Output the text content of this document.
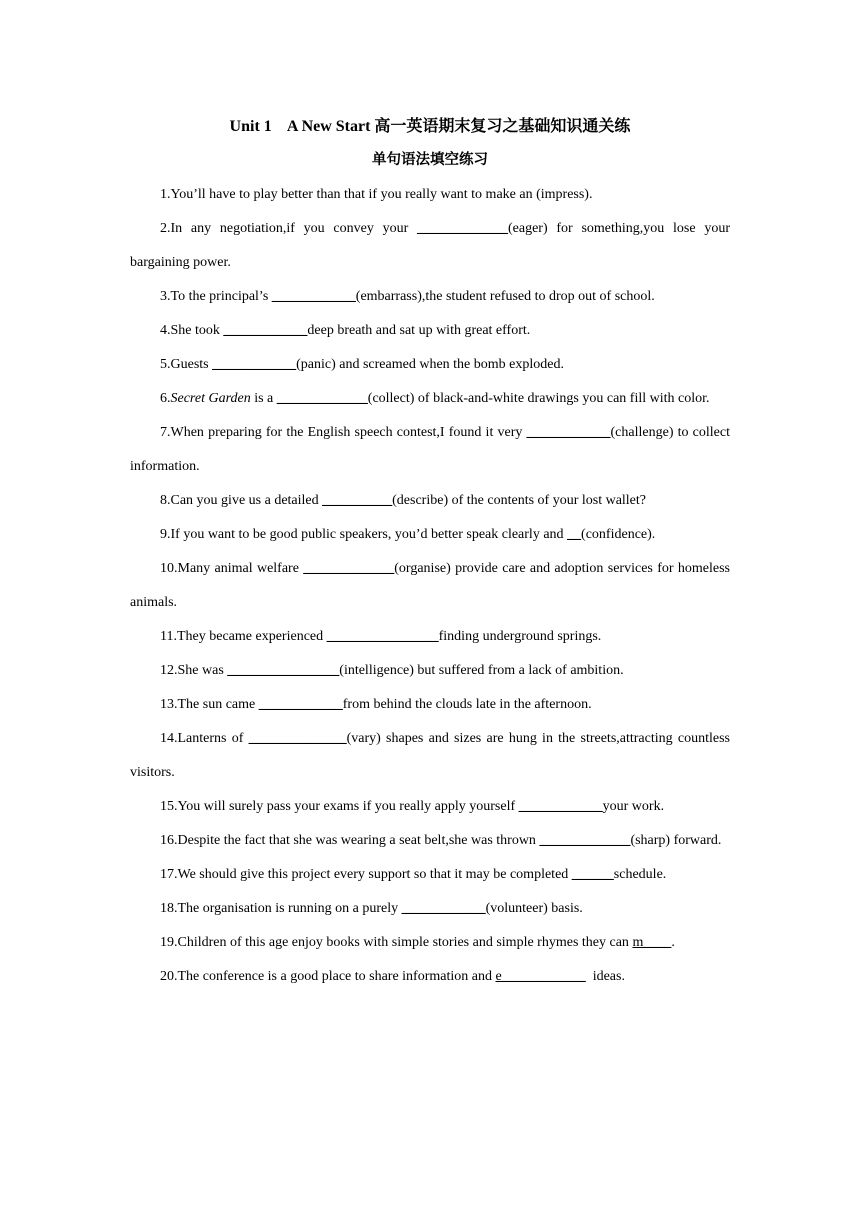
Unit 1    A New Start 高一英语期末复习之基础知识通关练
单句语法填空练习

1.You’ll have to play better than that if you really want to make an (impress).

2.In any negotiation,if you convey your _____________(eager) for something,you lose your bargaining power.

3.To the principal’s ____________(embarrass),the student refused to drop out of school.

4.She took ____________deep breath and sat up with great effort.

5.Guests ____________(panic) and screamed when the bomb exploded.

6.Secret Garden is a _____________(collect) of black-and-white drawings you can fill with color.

7.When preparing for the English speech contest,I found it very ____________(challenge) to collect information.

8.Can you give us a detailed __________(describe) of the contents of your lost wallet?

9.If you want to be good public speakers, you’d better speak clearly and __(confidence).

10.Many animal welfare _____________(organise) provide care and adoption services for homeless animals.

11.They became experienced ________________finding underground springs.

12.She was ________________(intelligence) but suffered from a lack of ambition.

13.The sun came ____________from behind the clouds late in the afternoon.

14.Lanterns of ______________(vary) shapes and sizes are hung in the streets,attracting countless visitors.

15.You will surely pass your exams if you really apply yourself ____________your work.

16.Despite the fact that she was wearing a seat belt,she was thrown _____________(sharp) forward.

17.We should give this project every support so that it may be completed ______schedule.

18.The organisation is running on a purely ____________(volunteer) basis.

19.Children of this age enjoy books with simple stories and simple rhymes they can m____.

20.The conference is a good place to share information and e____________  ideas.
